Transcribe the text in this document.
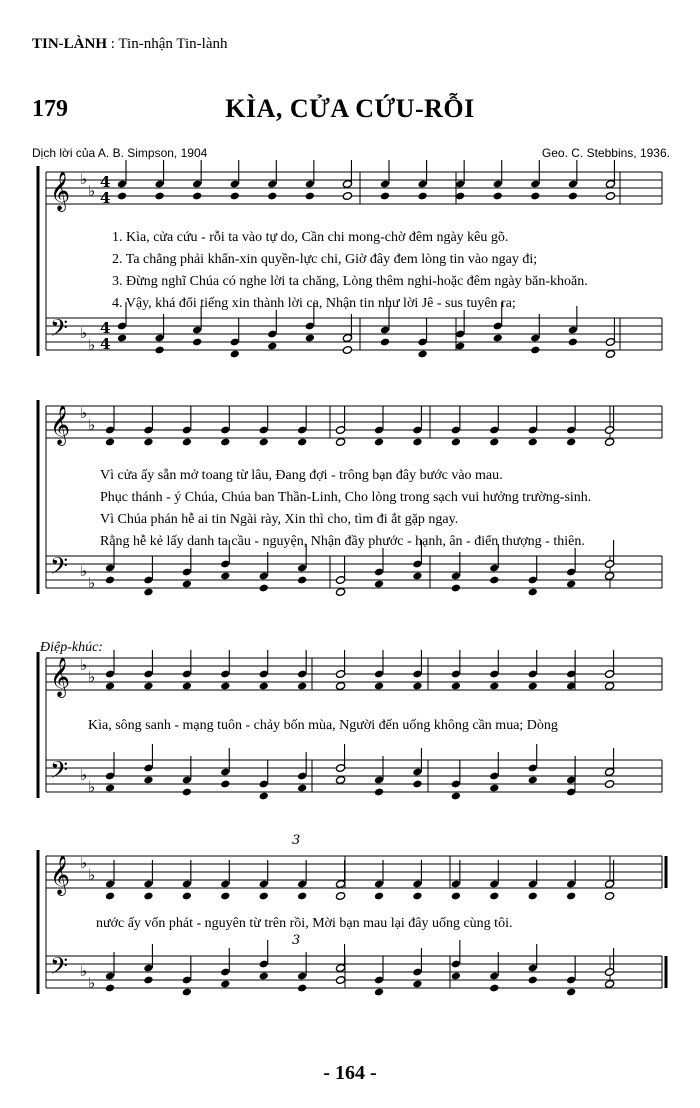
TIN-LÀNH : Tin-nhận Tin-lành
179	KÌA, CỬA CỨU-RỖI
Dịch lời của A. B. Simpson, 1904	Geo. C. Stebbins, 1936.
𝄞 ♭
♭ 4
4
𝄢 ♭
♭
4
4
𝄞 ♭
♭
𝄢 ♭
♭
𝄞 ♭
♭
𝄢 ♭
♭
𝄞 ♭
♭
𝄢 ♭
♭
3
3
1. Kìa, cửa cứu - rỗi ta vào tự do, Cần chi mong-chờ đêm ngày kêu gõ.
2. Ta chẳng phải khẩn-xin quyền-lực chi, Giờ đây đem lòng tin vào ngay đi;
3. Đừng nghĩ Chúa có nghe lời ta chăng, Lòng thêm nghi-hoặc đêm ngày băn-khoăn.
4. Vậy, khá đổi tiếng xin thành lời ca, Nhận tin như lời Jê - sus tuyên ra;
Vì cửa ấy sẵn mở toang từ lâu, Đang đợi - trông bạn đây bước vào mau.
Phục thánh - ý Chúa, Chúa ban Thần-Linh, Cho lòng trong sạch vui hưởng trường-sinh.
Vì Chúa phán hễ ai tin Ngài rày, Xin thì cho, tìm đi ắt gặp ngay.
Rằng hễ kẻ lấy danh ta cầu - nguyện, Nhận đầy phước - hạnh, ân - điển thượng - thiên.
Điệp-khúc:
Kìa, sông sanh - mạng tuôn - chảy bốn mùa, Người đến uống không cần mua; Dòng
nước ấy vốn phát - nguyên từ trên rồi, Mời bạn mau lại đây uống cùng tôi.
- 164 -
